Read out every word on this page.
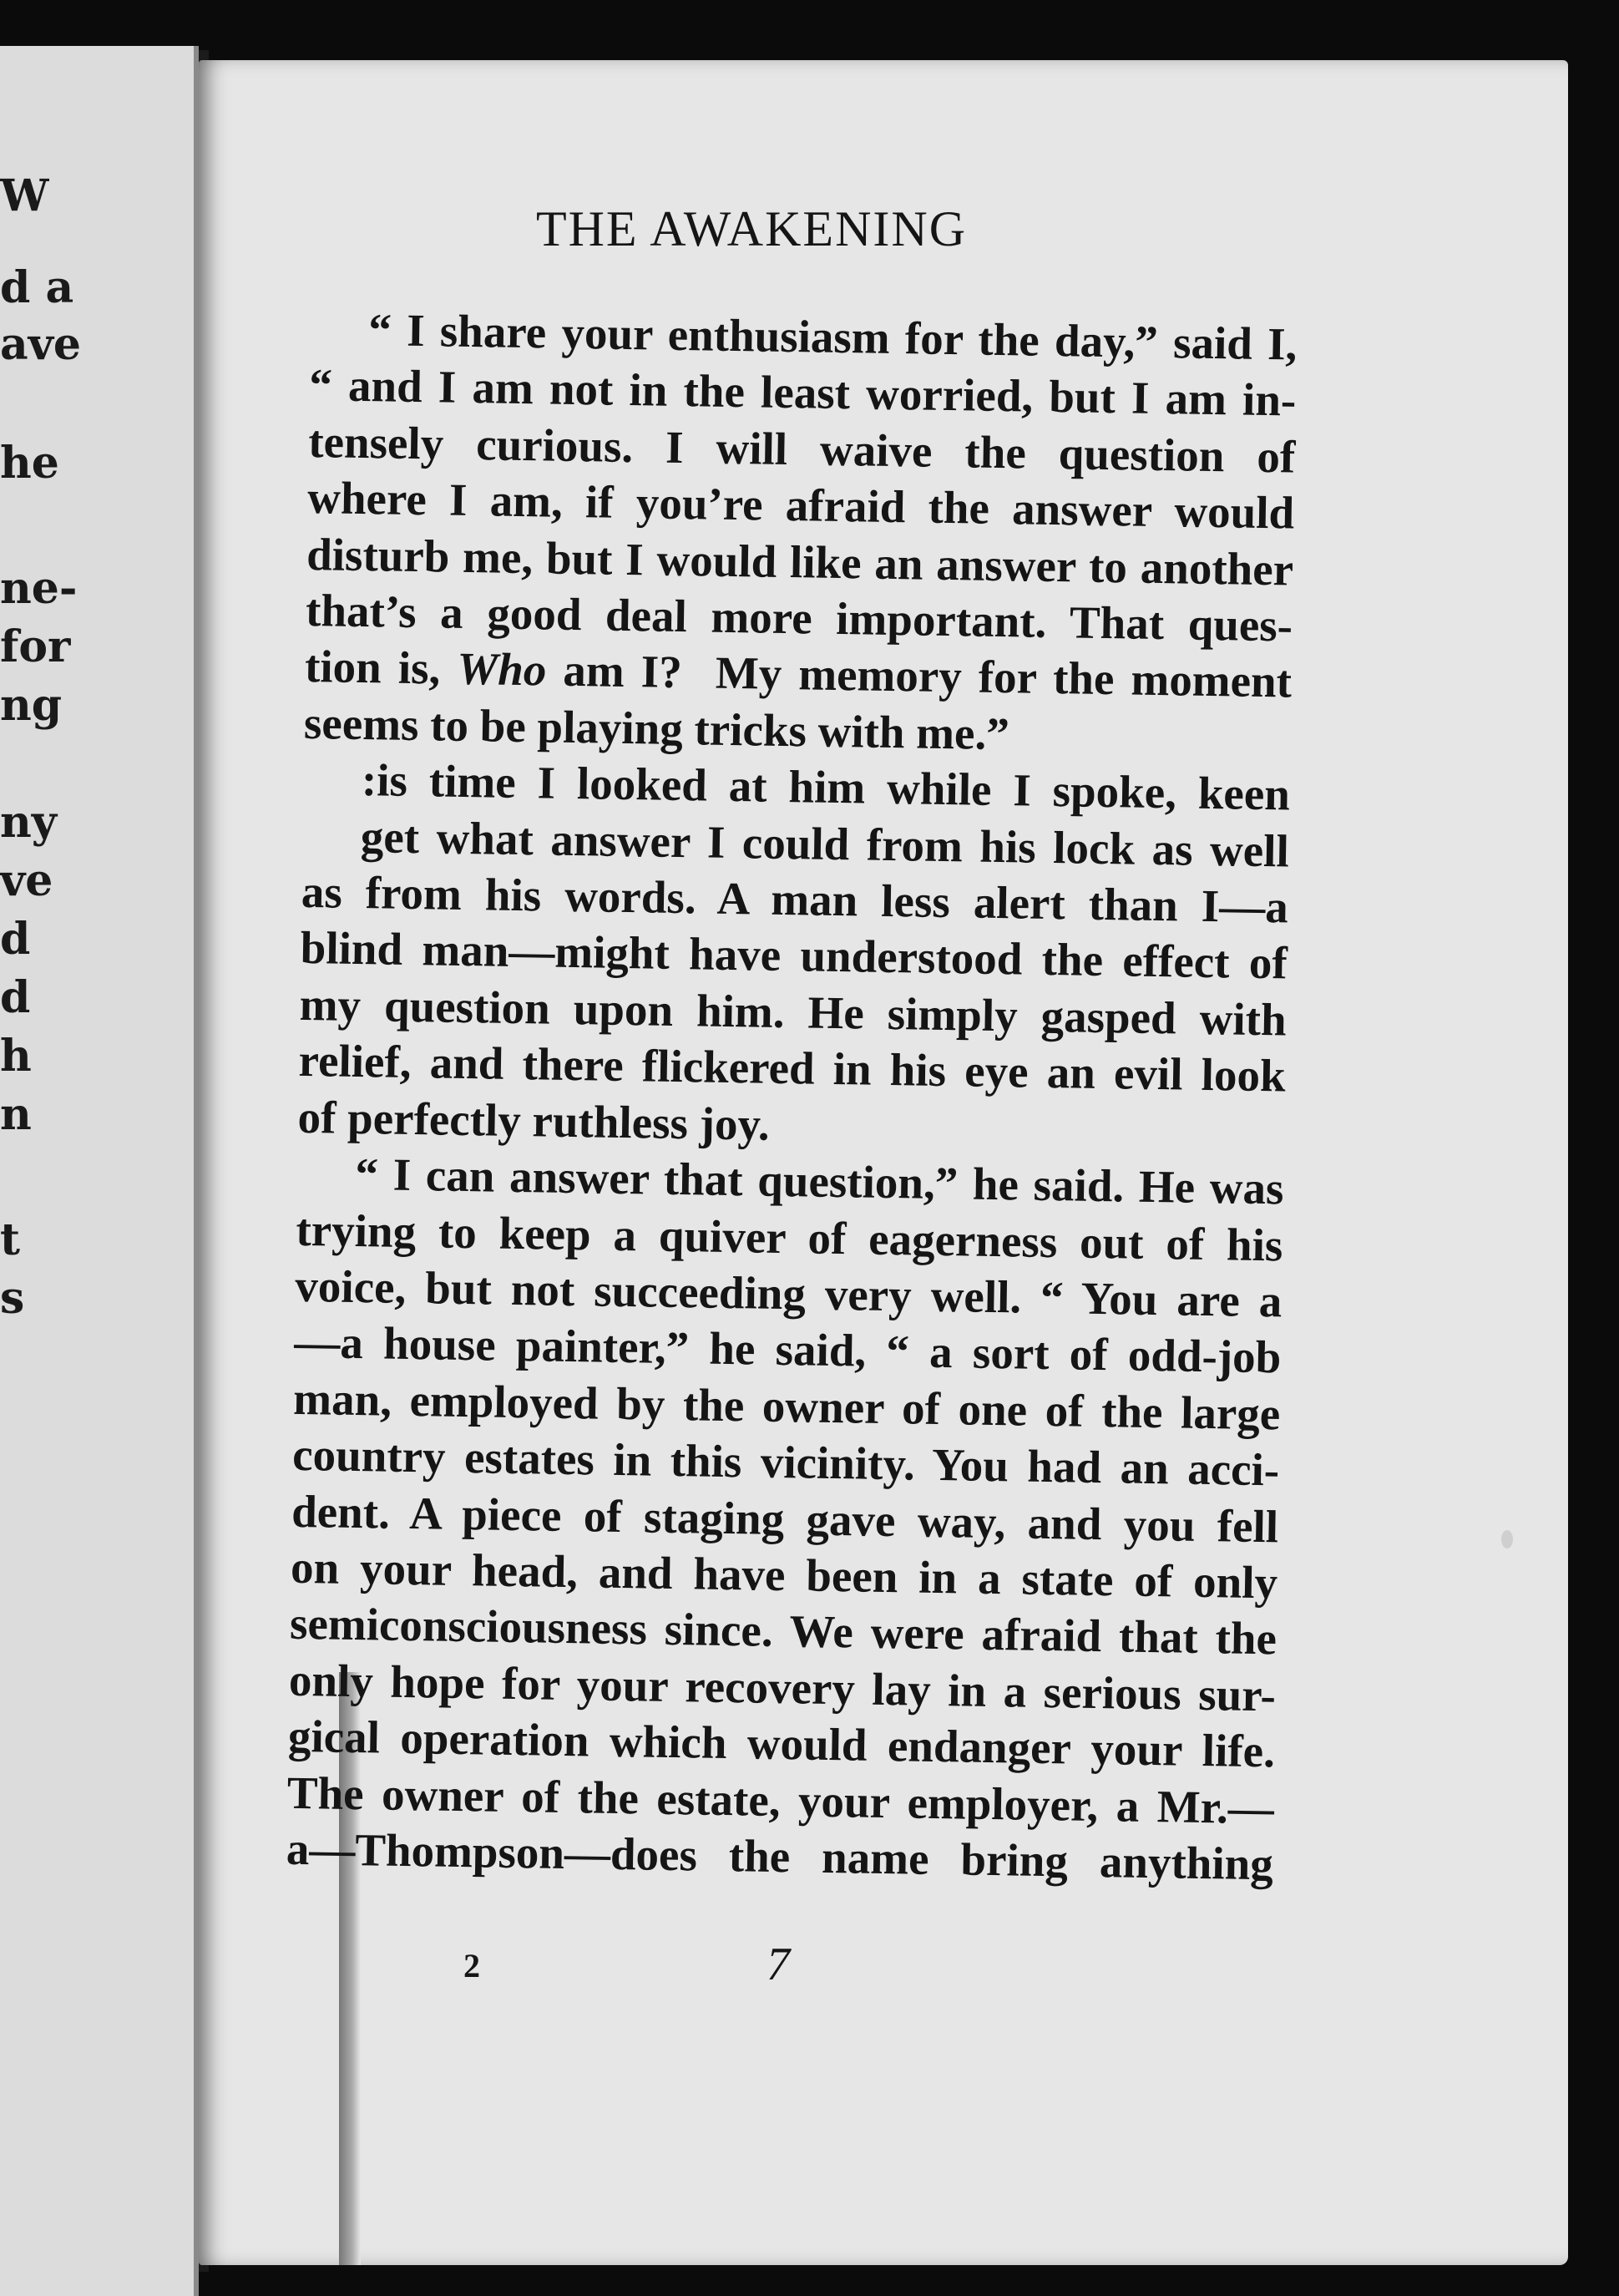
W
d a
ave
he
ne-
for
ng
ny
ve
d
d
h
n
t
s
THE AWAKENING
“ I share your enthusiasm for the day,” said I,
“ and I am not in the least worried, but I am in-
tensely curious. I will waive the question of
where I am, if you’re afraid the answer would
disturb me, but I would like an answer to another
that’s a good deal more important. That ques-
tion is, Who am I?  My memory for the moment
seems to be playing tricks with me.”
:is time I looked at him while I spoke, keen
get what answer I could from his lock as well
as from his words. A man less alert than I—a
blind man—might have understood the effect of
my question upon him. He simply gasped with
relief, and there flickered in his eye an evil look
of perfectly ruthless joy.
“ I can answer that question,” he said. He was
trying to keep a quiver of eagerness out of his
voice, but not succeeding very well. “ You are a
—a house painter,” he said, “ a sort of odd-job
man, employed by the owner of one of the large
country estates in this vicinity. You had an acci-
dent. A piece of staging gave way, and you fell
on your head, and have been in a state of only
semiconsciousness since. We were afraid that the
only hope for your recovery lay in a serious sur-
gical operation which would endanger your life.
The owner of the estate, your employer, a Mr.—
a—Thompson—does the name bring anything
2	7
